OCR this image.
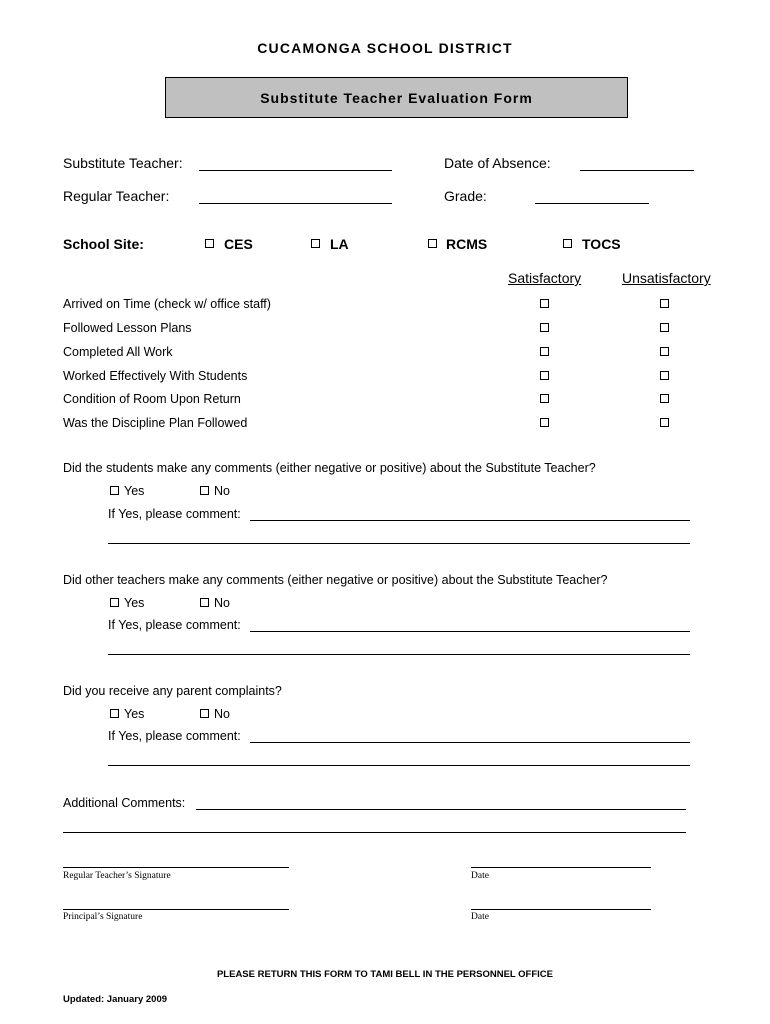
CUCAMONGA SCHOOL DISTRICT
Substitute Teacher Evaluation Form
Substitute Teacher:	Date of Absence:
Regular Teacher:	Grade:
School Site:	CES	LA	RCMS	TOCS
Satisfactory	Unsatisfactory
Arrived on Time (check w/ office staff)
Followed Lesson Plans
Completed All Work
Worked Effectively With Students
Condition of Room Upon Return
Was the Discipline Plan Followed
Did the students make any comments (either negative or positive) about the Substitute Teacher?
Yes	No
If Yes, please comment:
Did other teachers make any comments (either negative or positive) about the Substitute Teacher?
Yes	No
If Yes, please comment:
Did you receive any parent complaints?
Yes	No
If Yes, please comment:
Additional Comments:
Regular Teacher’s Signature	Date
Principal’s Signature	Date
PLEASE RETURN THIS FORM TO TAMI BELL IN THE PERSONNEL OFFICE
Updated: January 2009
